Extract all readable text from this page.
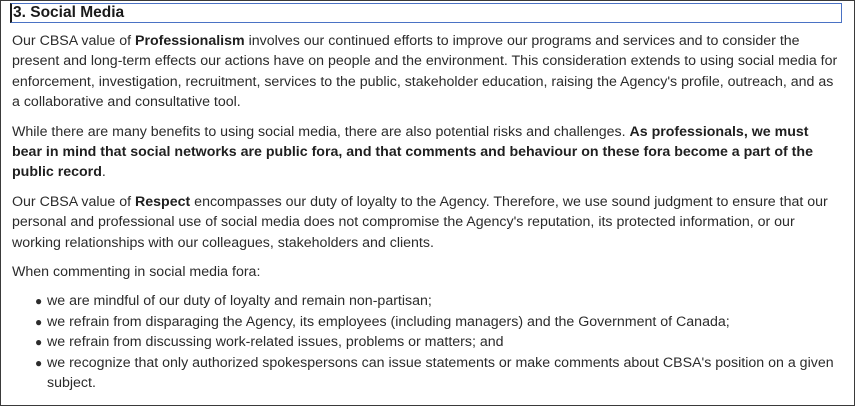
3. Social Media

Our CBSA value of Professionalism involves our continued efforts to improve our programs and services and to consider the present and long-term effects our actions have on people and the environment. This consideration extends to using social media for enforcement, investigation, recruitment, services to the public, stakeholder education, raising the Agency's profile, outreach, and as a collaborative and consultative tool.

While there are many benefits to using social media, there are also potential risks and challenges. As professionals, we must bear in mind that social networks are public fora, and that comments and behaviour on these fora become a part of the public record.

Our CBSA value of Respect encompasses our duty of loyalty to the Agency. Therefore, we use sound judgment to ensure that our personal and professional use of social media does not compromise the Agency's reputation, its protected information, or our working relationships with our colleagues, stakeholders and clients.

When commenting in social media fora:

● we are mindful of our duty of loyalty and remain non-partisan;
● we refrain from disparaging the Agency, its employees (including managers) and the Government of Canada;
● we refrain from discussing work-related issues, problems or matters; and
● we recognize that only authorized spokespersons can issue statements or make comments about CBSA's position on a given subject.
